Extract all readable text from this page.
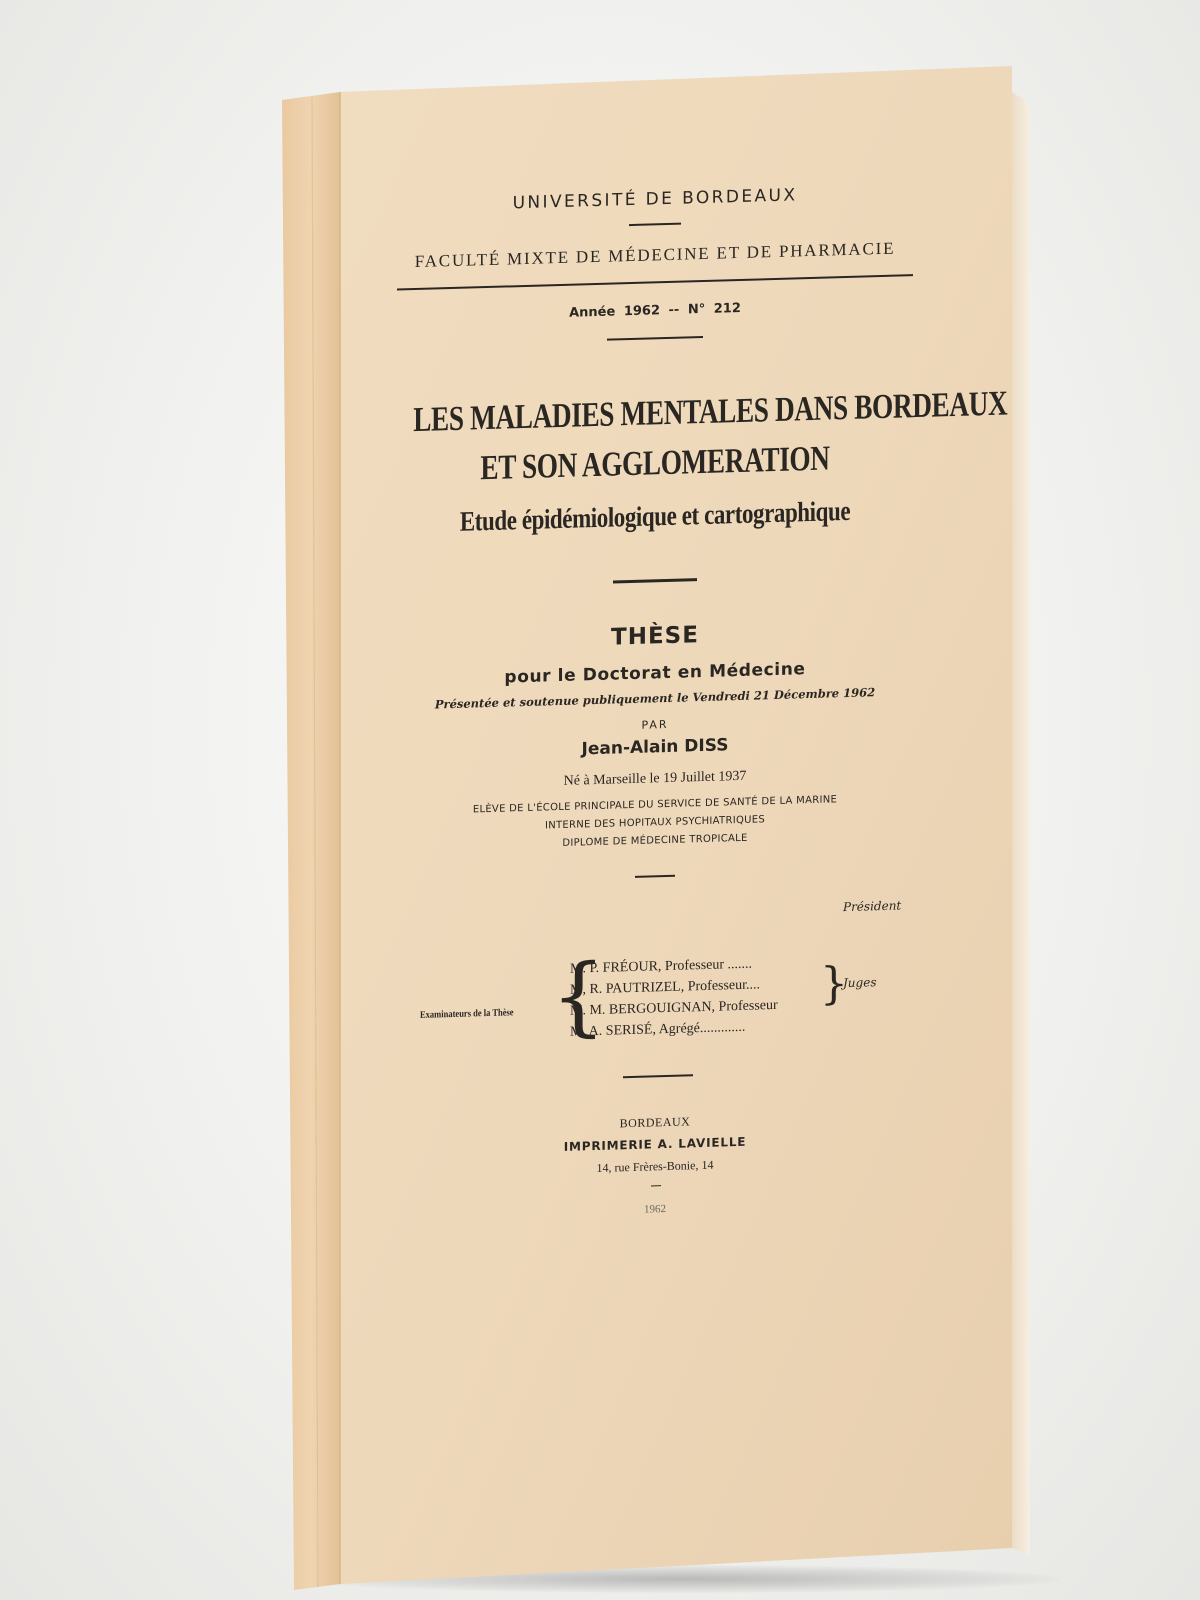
UNIVERSITÉ DE BORDEAUX
FACULTÉ MIXTE DE MÉDECINE ET DE PHARMACIE
Année 1962 -- N° 212
LES MALADIES MENTALES DANS BORDEAUX
ET SON AGGLOMERATION
Etude épidémiologique et cartographique
THÈSE
pour le Doctorat en Médecine
Présentée et soutenue publiquement le Vendredi 21 Décembre 1962
PAR
Jean-Alain DISS
Né à Marseille le 19 Juillet 1937
ELÈVE DE L'ÉCOLE PRINCIPALE DU SERVICE DE SANTÉ DE LA MARINE
INTERNE DES HOPITAUX PSYCHIATRIQUES
DIPLOME DE MÉDECINE TROPICALE
Président
Examinateurs de la Thèse {
M. P. FRÉOUR, Professeur .......
M, R. PAUTRIZEL, Professeur....
M. M. BERGOUIGNAN, Professeur
M. A. SERISÉ, Agrégé.............
}
Juges
BORDEAUX
IMPRIMERIE A. LAVIELLE
14, rue Frères-Bonie, 14
1962
